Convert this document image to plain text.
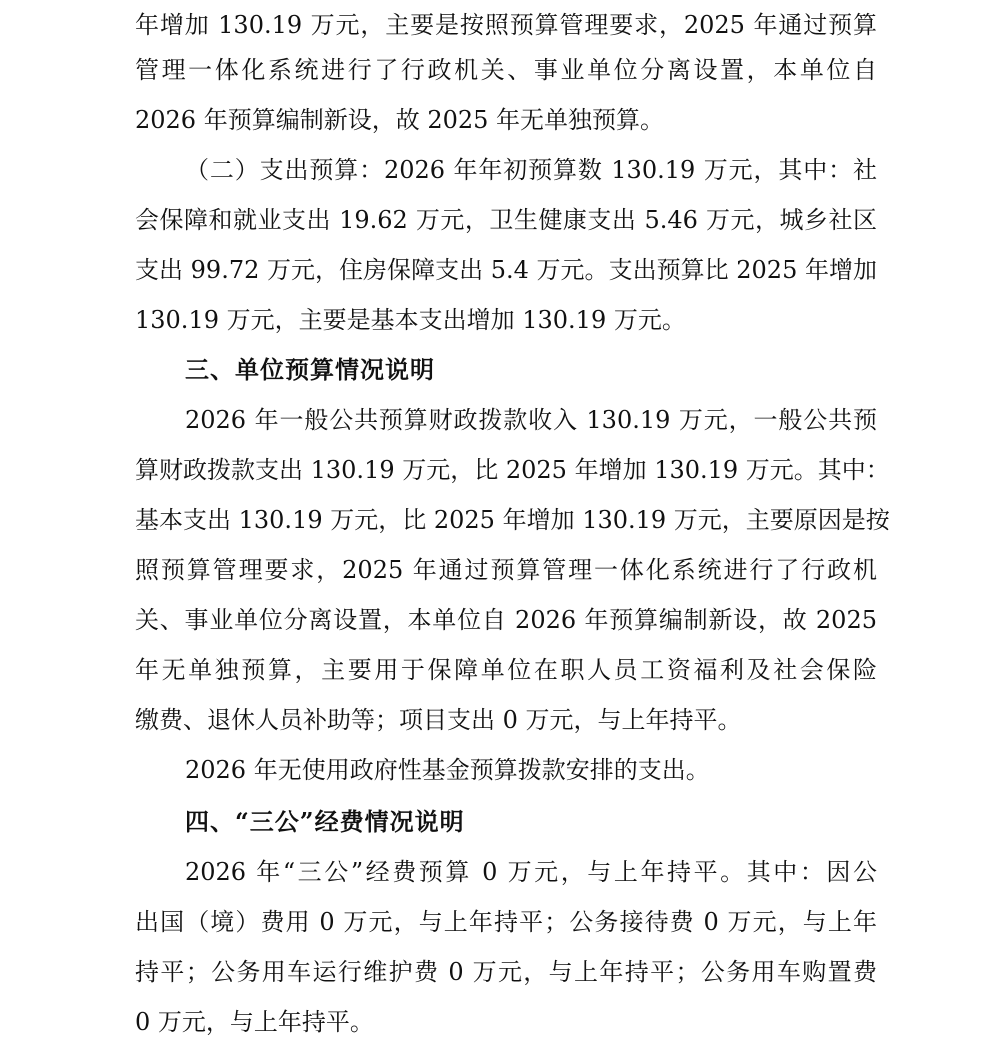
年增加 130.19 万元，主要是按照预算管理要求，2025 年通过预算
管理一体化系统进行了行政机关、事业单位分离设置，本单位自
2026 年预算编制新设，故 2025 年无单独预算。
（二）支出预算：2026 年年初预算数 130.19 万元，其中：社
会保障和就业支出 19.62 万元，卫生健康支出 5.46 万元，城乡社区
支出 99.72 万元，住房保障支出 5.4 万元。支出预算比 2025 年增加
130.19 万元，主要是基本支出增加 130.19 万元。
三、单位预算情况说明
2026 年一般公共预算财政拨款收入 130.19 万元，一般公共预
算财政拨款支出 130.19 万元，比 2025 年增加 130.19 万元。其中：
基本支出 130.19 万元，比 2025 年增加 130.19 万元，主要原因是按
照预算管理要求，2025 年通过预算管理一体化系统进行了行政机
关、事业单位分离设置，本单位自 2026 年预算编制新设，故 2025
年无单独预算，主要用于保障单位在职人员工资福利及社会保险
缴费、退休人员补助等；项目支出 0 万元，与上年持平。
2026 年无使用政府性基金预算拨款安排的支出。
四、“三公”经费情况说明
2026 年“三公”经费预算 0 万元，与上年持平。其中：因公
出国（境）费用 0 万元，与上年持平；公务接待费 0 万元，与上年
持平；公务用车运行维护费 0 万元，与上年持平；公务用车购置费
0 万元，与上年持平。
